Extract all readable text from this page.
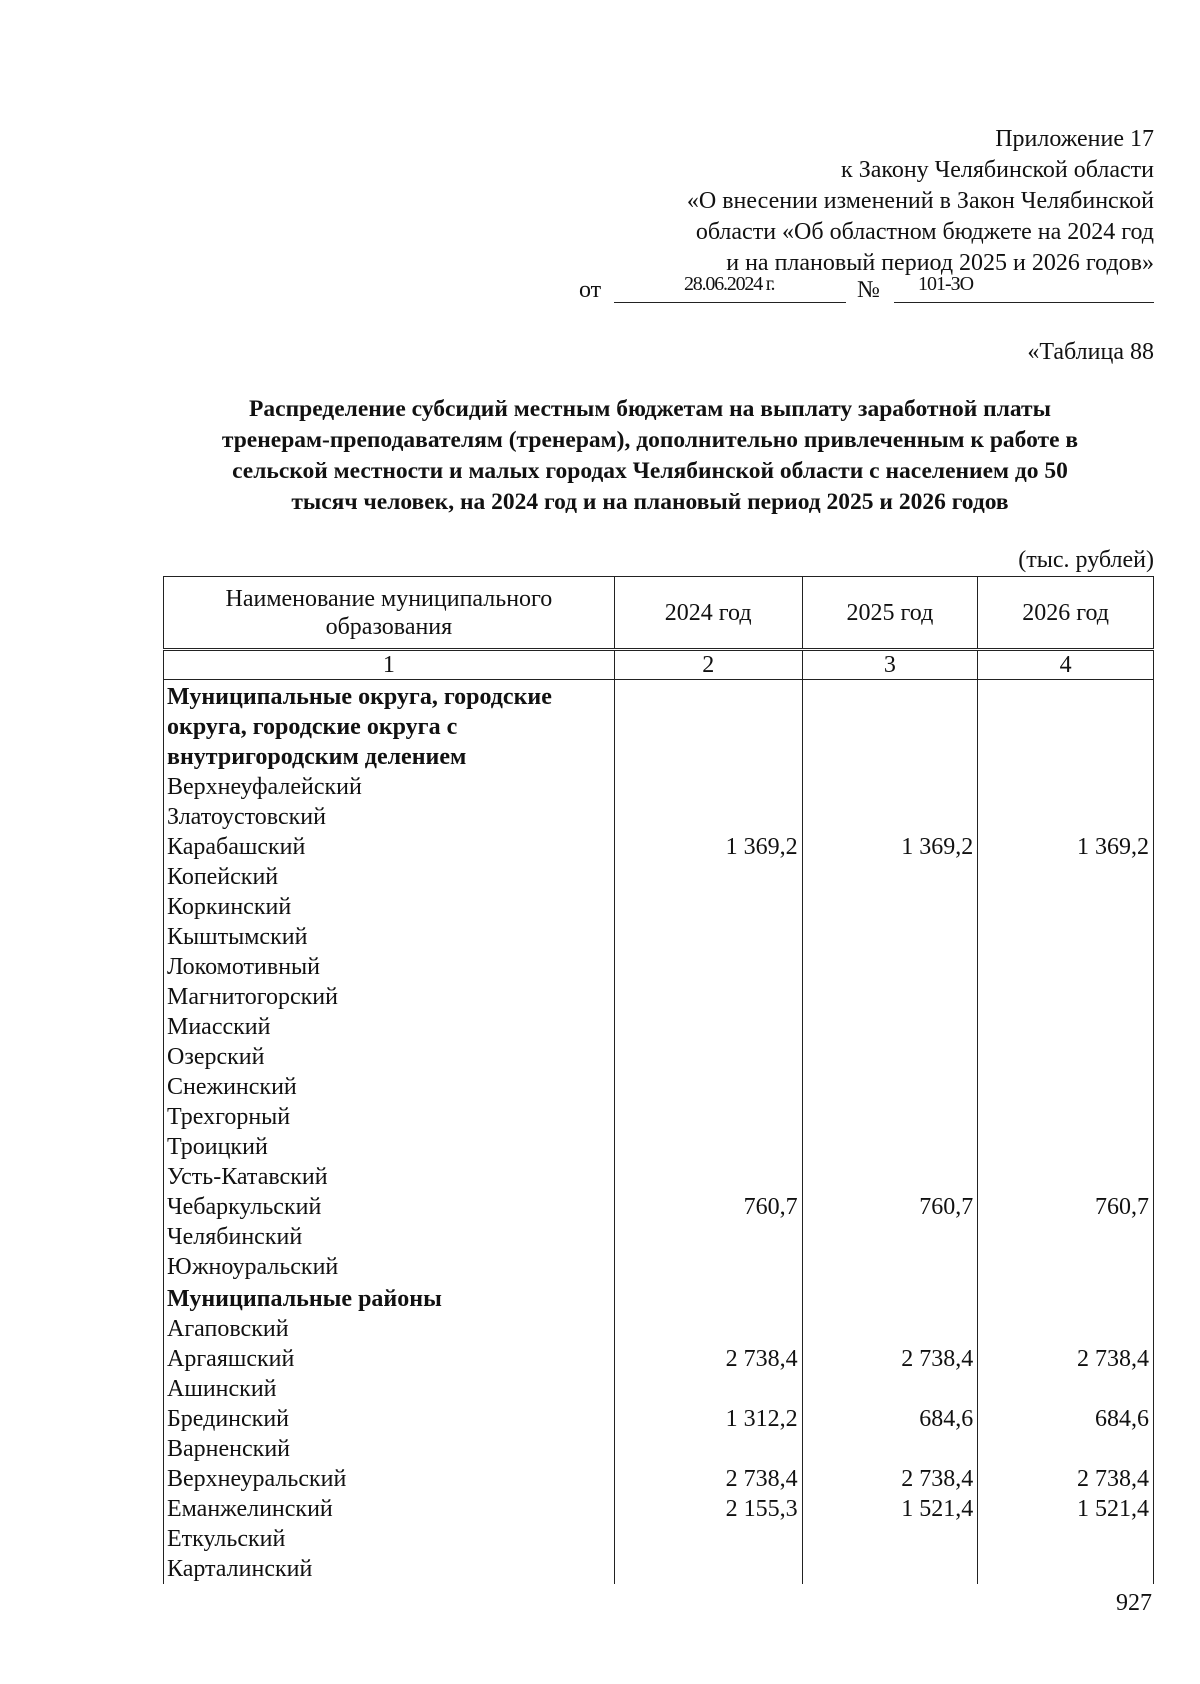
Приложение 17
к Закону Челябинской области
«О внесении изменений в Закон Челябинской
области «Об областном бюджете на 2024 год
и на плановый период 2025 и 2026 годов»
от	28.06.2024 г.	№ 101-ЗО
«Таблица 88
Распределение субсидий местным бюджетам на выплату заработной платы
тренерам-преподавателям (тренерам), дополнительно привлеченным к работе в
сельской местности и малых городах Челябинской области с населением до 50
тысяч человек, на 2024 год и на плановый период 2025 и 2026 годов
(тыс. рублей)
Наименование муниципального образования	2024 год	2025 год	2026 год
1	2	3	4
Муниципальные округа, городские округа, городские округа с внутригородским делением			
Верхнеуфалейский			
Златоустовский			
Карабашский	1 369,2	1 369,2	1 369,2
Копейский			
Коркинский			
Кыштымский			
Локомотивный			
Магнитогорский			
Миасский			
Озерский			
Снежинский			
Трехгорный			
Троицкий			
Усть-Катавский			
Чебаркульский	760,7	760,7	760,7
Челябинский			
Южноуральский			
Муниципальные районы			
Агаповский			
Аргаяшский	2 738,4	2 738,4	2 738,4
Ашинский			
Брединский	1 312,2	684,6	684,6
Варненский			
Верхнеуральский	2 738,4	2 738,4	2 738,4
Еманжелинский	2 155,3	1 521,4	1 521,4
Еткульский			
Карталинский			
927
